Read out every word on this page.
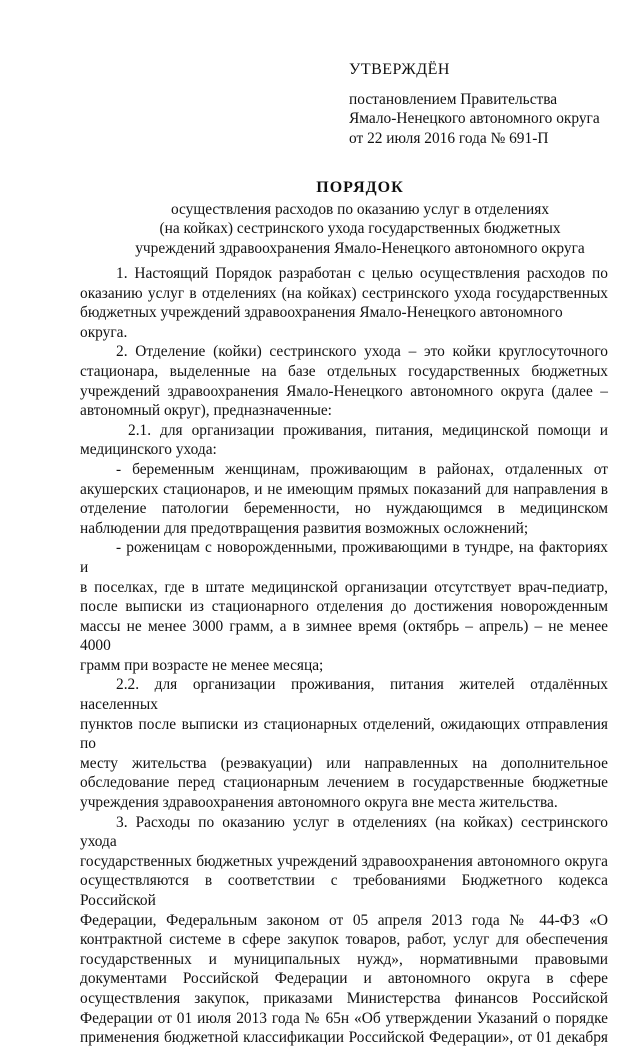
УТВЕРЖДЁН
постановлением Правительства
Ямало-Ненецкого автономного округа
от 22 июля 2016 года № 691-П
ПОРЯДОК
осуществления расходов по оказанию услуг в отделениях
(на койках) сестринского ухода государственных бюджетных
учреждений здравоохранения Ямало-Ненецкого автономного округа
1. Настоящий Порядок разработан с целью осуществления расходов по
оказанию услуг в отделениях (на койках) сестринского ухода государственных
бюджетных учреждений здравоохранения Ямало-Ненецкого автономного округа.
2. Отделение (койки) сестринского ухода – это койки круглосуточного
стационара, выделенные на базе отдельных государственных бюджетных
учреждений здравоохранения Ямало-Ненецкого автономного округа (далее –
автономный округ), предназначенные:
2.1. для организации проживания, питания, медицинской помощи и
медицинского ухода:
- беременным женщинам, проживающим в районах, отдаленных от
акушерских стационаров, и не имеющим прямых показаний для направления в
отделение патологии беременности, но нуждающимся в медицинском
наблюдении для предотвращения развития возможных осложнений;
- роженицам с новорожденными, проживающими в тундре, на факториях и
в поселках, где в штате медицинской организации отсутствует врач-педиатр,
после выписки из стационарного отделения до достижения новорожденным
массы не менее 3000 грамм, а в зимнее время (октябрь – апрель) – не менее 4000
грамм при возрасте не менее месяца;
2.2. для организации проживания, питания жителей отдалённых населенных
пунктов после выписки из стационарных отделений, ожидающих отправления по
месту жительства (реэвакуации) или направленных на дополнительное
обследование перед стационарным лечением в государственные бюджетные
учреждения здравоохранения автономного округа вне места жительства.
3. Расходы по оказанию услуг в отделениях (на койках) сестринского ухода
государственных бюджетных учреждений здравоохранения автономного округа
осуществляются в соответствии с требованиями Бюджетного кодекса Российской
Федерации, Федеральным законом от 05 апреля 2013 года № 44-ФЗ «О
контрактной системе в сфере закупок товаров, работ, услуг для обеспечения
государственных и муниципальных нужд», нормативными правовыми
документами Российской Федерации и автономного округа в сфере
осуществления закупок, приказами Министерства финансов Российской
Федерации от 01 июля 2013 года № 65н «Об утверждении Указаний о порядке
применения бюджетной классификации Российской Федерации», от 01 декабря
